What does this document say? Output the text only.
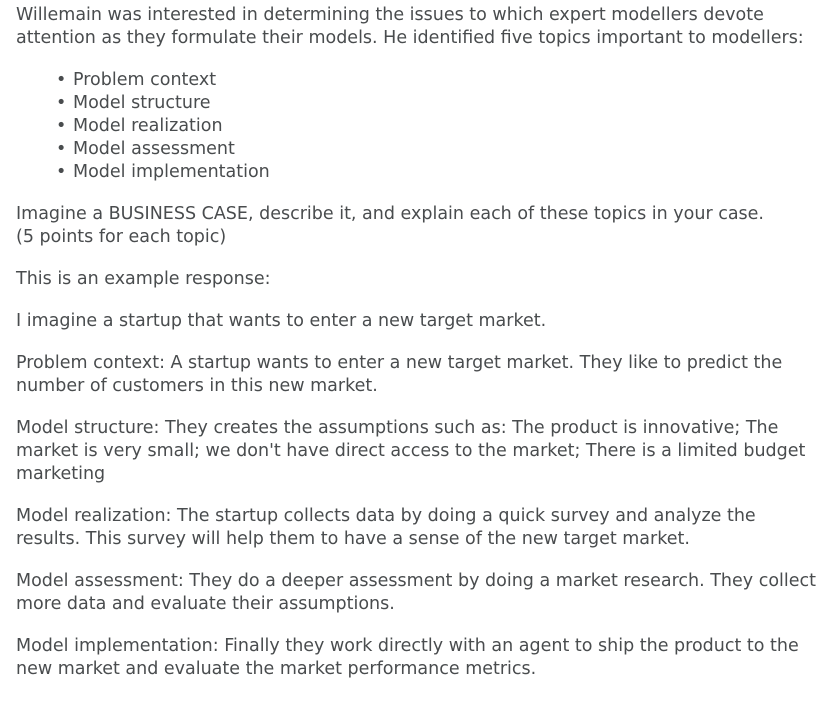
Willemain was interested in determining the issues to which expert modellers devote attention as they formulate their models. He identified five topics important to modellers:

• Problem context
• Model structure
• Model realization
• Model assessment
• Model implementation

Imagine a BUSINESS CASE, describe it, and explain each of these topics in your case.
(5 points for each topic)

This is an example response:

I imagine a startup that wants to enter a new target market.

Problem context: A startup wants to enter a new target market. They like to predict the number of customers in this new market.

Model structure: They creates the assumptions such as: The product is innovative; The market is very small; we don't have direct access to the market; There is a limited budget marketing

Model realization: The startup collects data by doing a quick survey and analyze the results. This survey will help them to have a sense of the new target market.

Model assessment: They do a deeper assessment by doing a market research. They collect more data and evaluate their assumptions.

Model implementation: Finally they work directly with an agent to ship the product to the new market and evaluate the market performance metrics.
